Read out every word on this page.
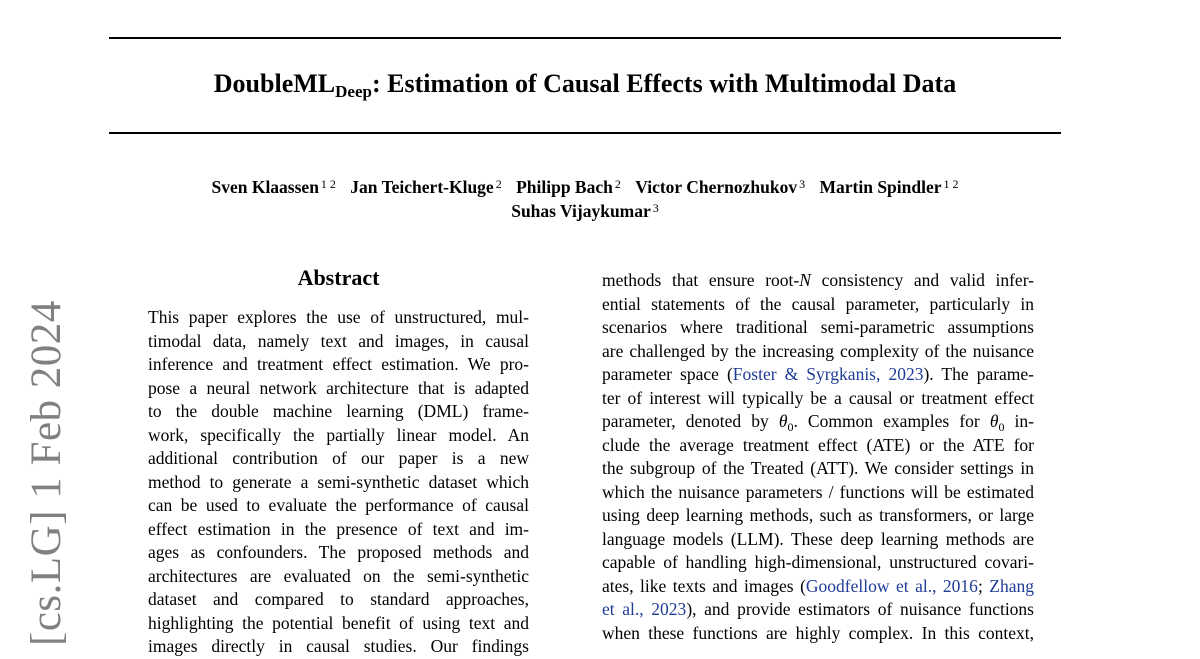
DoubleML$_{Deep}$: Estimation of Causal Effects with Multimodal Data
Sven Klaassen $^{1 2}$ Jan Teichert-Kluge $^2$ Philipp Bach $^2$ Victor Chernozhukov $^3$ Martin Spindler $^{1 2}$
Suhas Vijaykumar $^3$
[cs.LG] 1 Feb 2024
Abstract
This paper explores the use of unstructured, mul-
timodal data, namely text and images, in causal
inference and treatment effect estimation. We pro-
pose a neural network architecture that is adapted
to the double machine learning (DML) frame-
work, specifically the partially linear model. An
additional contribution of our paper is a new
method to generate a semi-synthetic dataset which
can be used to evaluate the performance of causal
effect estimation in the presence of text and im-
ages as confounders. The proposed methods and
architectures are evaluated on the semi-synthetic
dataset and compared to standard approaches,
highlighting the potential benefit of using text and
images directly in causal studies. Our findings
methods that ensure root-N consistency and valid infer-
ential statements of the causal parameter, particularly in
scenarios where traditional semi-parametric assumptions
are challenged by the increasing complexity of the nuisance
parameter space (Foster & Syrgkanis, 2023). The parame-
ter of interest will typically be a causal or treatment effect
parameter, denoted by $\theta_0$. Common examples for $\theta_0$ in-
clude the average treatment effect (ATE) or the ATE for
the subgroup of the Treated (ATT). We consider settings in
which the nuisance parameters / functions will be estimated
using deep learning methods, such as transformers, or large
language models (LLM). These deep learning methods are
capable of handling high-dimensional, unstructured covari-
ates, like texts and images (Goodfellow et al., 2016; Zhang
et al., 2023), and provide estimators of nuisance functions
when these functions are highly complex. In this context,
